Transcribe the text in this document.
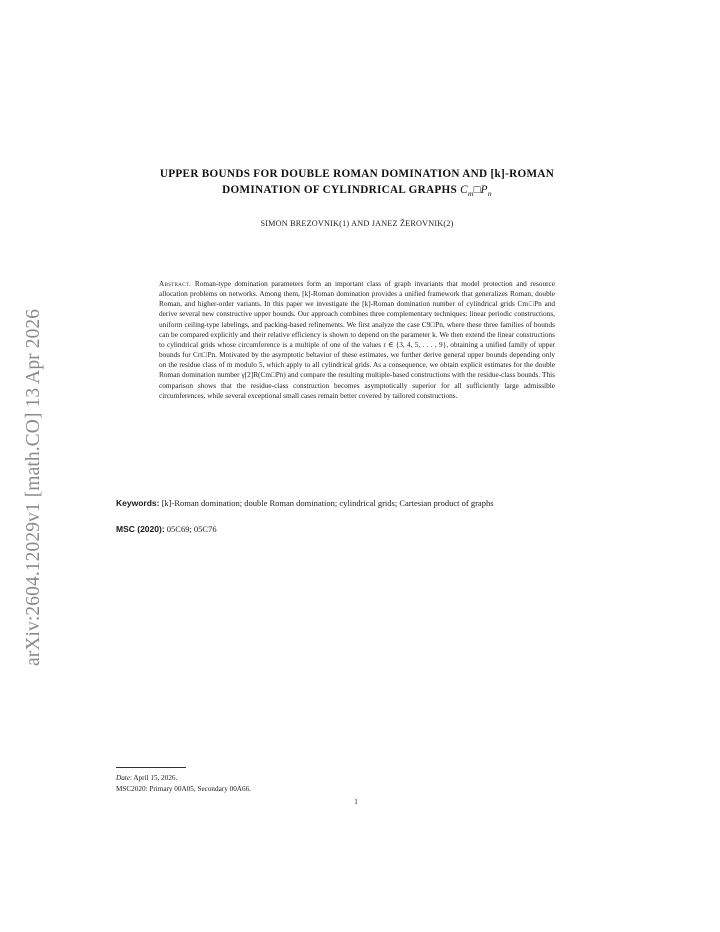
arXiv:2604.12029v1 [math.CO] 13 Apr 2026
UPPER BOUNDS FOR DOUBLE ROMAN DOMINATION AND [k]-ROMAN
DOMINATION OF CYLINDRICAL GRAPHS $C_m□P_n$
SIMON BREZOVNIK(1) AND JANEZ ŽEROVNIK(2)
Abstract. Roman-type domination parameters form an important class of graph invariants that model protection and resource allocation problems on networks. Among them, [k]-Roman domination provides a unified framework that generalizes Roman, double Roman, and higher-order variants. In this paper we investigate the [k]-Roman domination number of cylindrical grids Cm□Pn and derive several new constructive upper bounds. Our approach combines three complementary techniques: linear periodic constructions, uniform ceiling-type labelings, and packing-based refinements. We first analyze the case C9□Pn, where these three families of bounds can be compared explicitly and their relative efficiency is shown to depend on the parameter k. We then extend the linear constructions to cylindrical grids whose circumference is a multiple of one of the values r ∈ {3, 4, 5, . . . , 9}, obtaining a unified family of upper bounds for Crt□Pn. Motivated by the asymptotic behavior of these estimates, we further derive general upper bounds depending only on the residue class of m modulo 5, which apply to all cylindrical grids. As a consequence, we obtain explicit estimates for the double Roman domination number γ[2]R(Cm□Pn) and compare the resulting multiple-based constructions with the residue-class bounds. This comparison shows that the residue-class construction becomes asymptotically superior for all sufficiently large admissible circumferences, while several exceptional small cases remain better covered by tailored constructions.
Keywords: [k]-Roman domination; double Roman domination; cylindrical grids; Cartesian product of graphs
MSC (2020): 05C69; 05C76
Date: April 15, 2026.
MSC2020: Primary 00A05, Secondary 00A66.
1
